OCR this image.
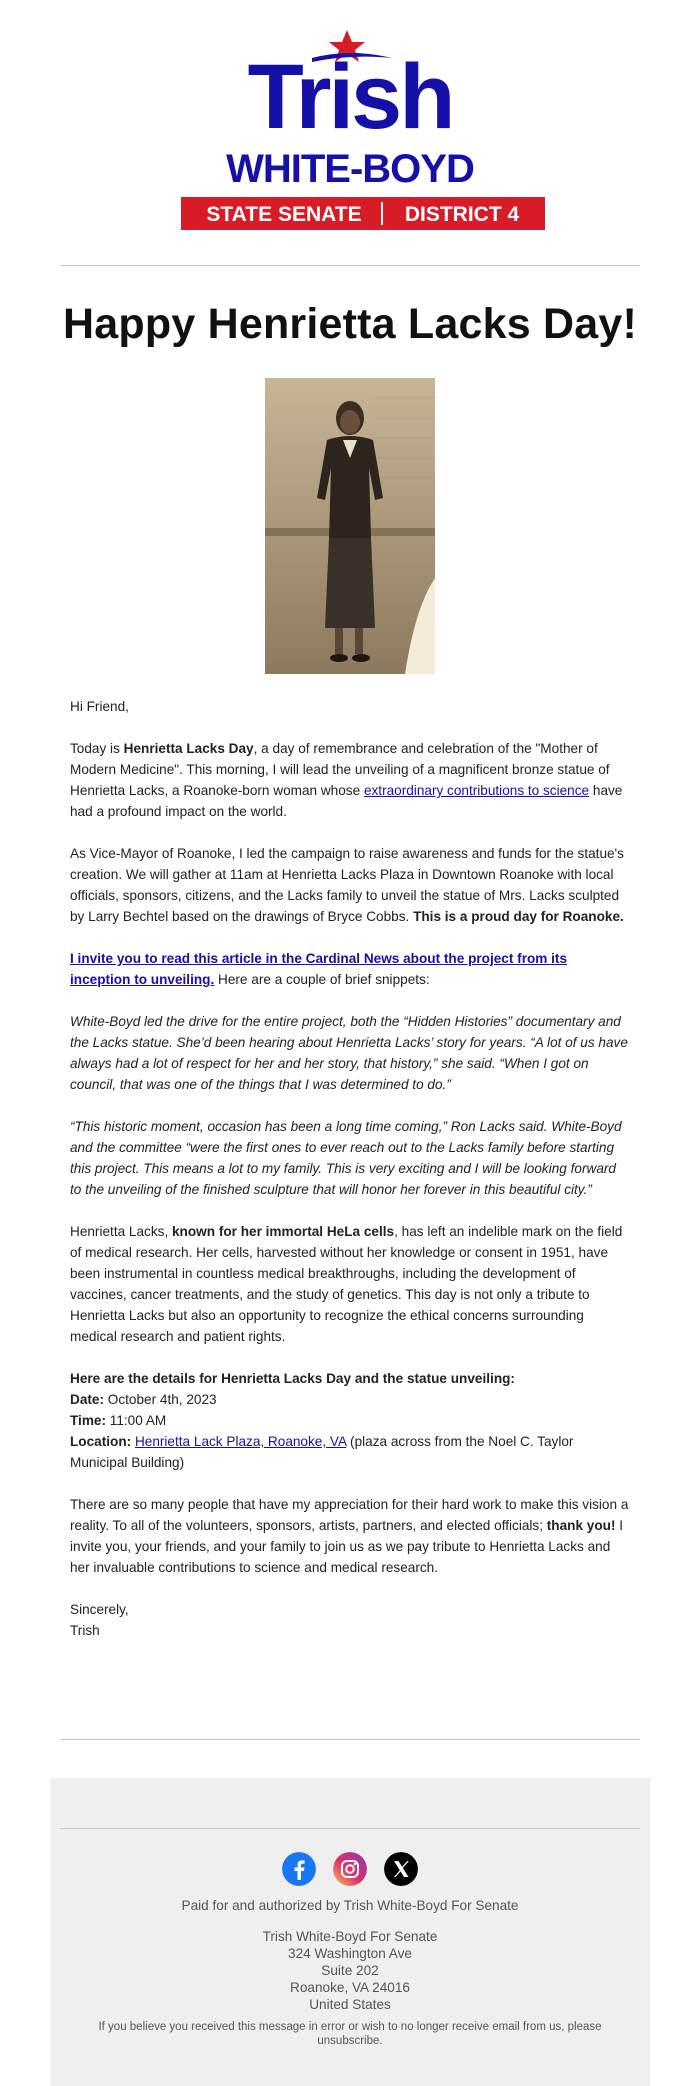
Trish
WHITE-BOYD
STATE SENATE DISTRICT 4
Happy Henrietta Lacks Day!

Hi Friend,

Today is Henrietta Lacks Day, a day of remembrance and celebration of the "Mother of Modern Medicine". This morning, I will lead the unveiling of a magnificent bronze statue of Henrietta Lacks, a Roanoke-born woman whose extraordinary contributions to science have had a profound impact on the world.

As Vice-Mayor of Roanoke, I led the campaign to raise awareness and funds for the statue's creation. We will gather at 11am at Henrietta Lacks Plaza in Downtown Roanoke with local officials, sponsors, citizens, and the Lacks family to unveil the statue of Mrs. Lacks sculpted by Larry Bechtel based on the drawings of Bryce Cobbs. This is a proud day for Roanoke.

I invite you to read this article in the Cardinal News about the project from its inception to unveiling. Here are a couple of brief snippets:

White-Boyd led the drive for the entire project, both the “Hidden Histories” documentary and the Lacks statue. She’d been hearing about Henrietta Lacks’ story for years. “A lot of us have always had a lot of respect for her and her story, that history,” she said. “When I got on council, that was one of the things that I was determined to do.”

“This historic moment, occasion has been a long time coming,” Ron Lacks said. White-Boyd and the committee “were the first ones to ever reach out to the Lacks family before starting this project. This means a lot to my family. This is very exciting and I will be looking forward to the unveiling of the finished sculpture that will honor her forever in this beautiful city.”

Henrietta Lacks, known for her immortal HeLa cells, has left an indelible mark on the field of medical research. Her cells, harvested without her knowledge or consent in 1951, have been instrumental in countless medical breakthroughs, including the development of vaccines, cancer treatments, and the study of genetics. This day is not only a tribute to Henrietta Lacks but also an opportunity to recognize the ethical concerns surrounding medical research and patient rights.

Here are the details for Henrietta Lacks Day and the statue unveiling:
Date: October 4th, 2023
Time: 11:00 AM
Location: Henrietta Lack Plaza, Roanoke, VA (plaza across from the Noel C. Taylor Municipal Building)

There are so many people that have my appreciation for their hard work to make this vision a reality. To all of the volunteers, sponsors, artists, partners, and elected officials; thank you! I invite you, your friends, and your family to join us as we pay tribute to Henrietta Lacks and her invaluable contributions to science and medical research.

Sincerely,
Trish

Paid for and authorized by Trish White-Boyd For Senate
Trish White-Boyd For Senate
324 Washington Ave
Suite 202
Roanoke, VA 24016
United States
If you believe you received this message in error or wish to no longer receive email from us, please unsubscribe.
